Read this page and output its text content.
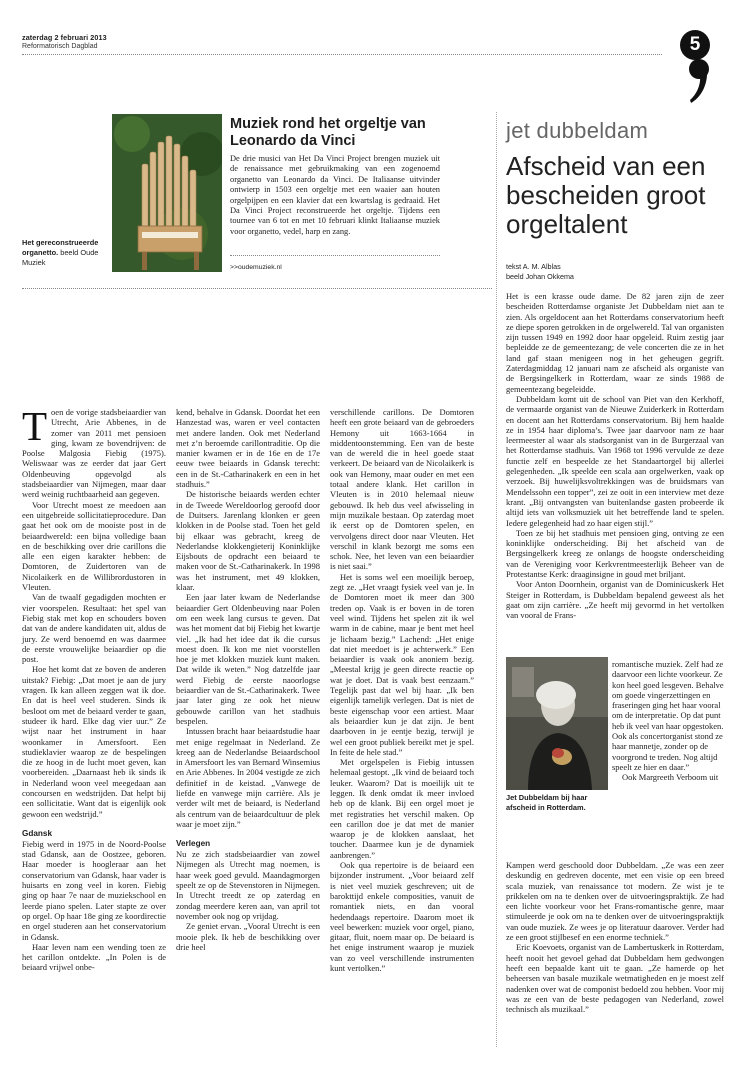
zaterdag 2 februari 2013
Reformatorisch Dagblad	5
Het gereconstrueerde organetto. beeld Oude Muziek
Muziek rond het orgeltje van Leonardo da Vinci
De drie musici van Het Da Vinci Project brengen muziek uit de renaissance met gebruikmaking van een zogenoemd organetto van Leonardo da Vinci. De Italiaanse uitvinder ontwierp in 1503 een orgeltje met een waaier aan houten orgelpijpen en een klavier dat een kwartslag is gedraaid. Het Da Vinci Project reconstrueerde het orgeltje. Tijdens een tournee van 6 tot en met 10 februari klinkt Italiaanse muziek voor organetto, vedel, harp en zang.
>>oudemuziek.nl
jet dubbeldam
Afscheid van een bescheiden groot orgeltalent
tekst A. M. Alblas
beeld Johan Okkema

Het is een krasse oude dame. De 82 jaren zijn de zeer bescheiden Rotterdamse organiste Jet Dubbeldam niet aan te zien. Als orgeldocent aan het Rotterdams conservatorium heeft ze diepe sporen getrokken in de orgelwereld. Tal van organisten zijn tussen 1949 en 1992 door haar opgeleid. Ruim zestig jaar bepleidde ze de gemeentezang; de vele concerten die ze in het land gaf staan menigeen nog in het geheugen gegrift. Zaterdagmiddag 12 januari nam ze afscheid als organiste van de Bergsingelkerk in Rotterdam, waar ze sinds 1988 de gemeentezang begeleidde.

Dubbeldam komt uit de school van Piet van den Kerkhoff, de vermaarde organist van de Nieuwe Zuiderkerk in Rotterdam en docent aan het Rotterdams conservatorium. Bij hem haalde ze in 1954 haar diploma’s. Twee jaar daarvoor nam ze haar leermeester al waar als stadsorganist van in de Burgerzaal van het Rotterdamse stadhuis. Van 1968 tot 1996 vervulde ze deze functie zelf en bespeelde ze het Standaartorgel bij allerlei gelegenheden. „Ik speelde een scala aan orgelwerken, vaak op verzoek. Bij huwelijksvoltrekkingen was de bruidsmars van Mendelssohn een topper”, zei ze ooit in een interview met deze krant. „Bij ontvangsten van buitenlandse gasten probeerde ik altijd iets van volksmuziek uit het betreffende land te spelen. Iedere gelegenheid had zo haar eigen stijl.”

Toen ze bij het stadhuis met pensioen ging, ontving ze een koninklijke onderscheiding. Bij het afscheid van de Bergsingelkerk kreeg ze onlangs de hoogste onderscheiding van de Vereniging voor Kerkvrentmeesterlijk Beheer van de Protestantse Kerk: draaginsigne in goud met briljant.

Voor Anton Doornhein, organist van de Dominicuskerk Het Steiger in Rotterdam, is Dubbeldam bepalend geweest als het gaat om zijn carrière. „Ze heeft mij gevormd in het vertolken van vooral de Frans-

Jet Dubbeldam bij haar afscheid in Rotterdam.
romantische muziek. Zelf had ze daarvoor een lichte voorkeur. Ze kon heel goed lesgeven. Behalve om goede vingerzettingen en fraseringen ging het haar vooral om de interpretatie. Op dat punt heb ik veel van haar opgestoken. Ook als concertorganist stond ze haar mannetje, zonder op de voorgrond te treden. Nog altijd speelt ze hier en daar.”
Ook Margreeth Verboom uit

Kampen werd geschoold door Dubbeldam. „Ze was een zeer deskundig en gedreven docente, met een visie op een breed scala muziek, van renaissance tot modern. Ze wist je te prikkelen om na te denken over de uitvoeringspraktijk. Ze had een lichte voorkeur voor het Frans-romantische genre, maar stimuleerde je ook om na te denken over de uitvoeringspraktijk van oude muziek. Ze wees je op literatuur daarover. Verder had ze een groot stijlbesef en een enorme techniek.”

Eric Koevoets, organist van de Lambertuskerk in Rotterdam, heeft nooit het gevoel gehad dat Dubbeldam hem gedwongen heeft een bepaalde kant uit te gaan. „Ze hamerde op het beheersen van basale muzikale wetmatigheden en je moest zelf nadenken over wat de componist bedoeld zou hebben. Voor mij was ze een van de beste pedagogen van Nederland, zowel technisch als muzikaal.”

T oen de vorige stadsbeiaardier van Utrecht, Arie Abbenes, in de zomer van 2011 met pensioen ging, kwam ze bovendrijven: de Poolse Malgosia Fiebig (1975). Weliswaar was ze eerder dat jaar Gert Oldenbeuving opgevolgd als stadsbeiaardier van Nijmegen, maar daar werd weinig ruchtbaarheid aan gegeven.

Voor Utrecht moest ze meedoen aan een uitgebreide sollicitatieprocedure. Dan gaat het ook om de mooiste post in de beiaardwereld: een bijna volledige baan en de beschikking over drie carillons die alle een eigen karakter hebben: de Domtoren, de Zuidertoren van de Nicolaikerk en de Willibrordustoren in Vleuten.

Van de twaalf gegadigden mochten er vier voorspelen. Resultaat: het spel van Fiebig stak met kop en schouders boven dat van de andere kandidaten uit, aldus de jury. Ze werd benoemd en was daarmee de eerste vrouwelijke beiaardier op die post.

Hoe het komt dat ze boven de anderen uitstak? Fiebig: „Dat moet je aan de jury vragen. Ik kan alleen zeggen wat ik doe. En dat is heel veel studeren. Sinds ik besloot om met de beiaard verder te gaan, studeer ik hard. Elke dag vier uur.” Ze wijst naar het instrument in haar woonkamer in Amersfoort. Een studieklavier waarop ze de bespelingen die ze hoog in de lucht moet geven, kan voorbereiden. „Daarnaast heb ik sinds ik in Nederland woon veel meegedaan aan concoursen en wedstrijden. Dat helpt bij een sollicitatie. Want dat is eigenlijk ook gewoon een wedstrijd.”

Gdansk

Fiebig werd in 1975 in de Noord-Poolse stad Gdansk, aan de Oostzee, geboren. Haar moeder is hoogleraar aan het conservatorium van Gdansk, haar vader is huisarts en zong veel in koren. Fiebig ging op haar 7e naar de muziekschool en leerde piano spelen. Later stapte ze over op orgel. Op haar 18e ging ze koordirectie en orgel studeren aan het conservatorium in Gdansk.

Haar leven nam een wending toen ze het carillon ontdekte. „In Polen is de beiaard vrijwel onbe-

kend, behalve in Gdansk. Doordat het een Hanzestad was, waren er veel contacten met andere landen. Ook met Nederland met z’n beroemde carillontraditie. Op die manier kwamen er in de 16e en de 17e eeuw twee beiaards in Gdansk terecht: een in de St.-Catharinakerk en een in het stadhuis.”

De historische beiaards werden echter in de Tweede Wereldoorlog geroofd door de Duitsers. Jarenlang klonken er geen klokken in de Poolse stad. Toen het geld bij elkaar was gebracht, kreeg de Nederlandse klokkengieterij Koninklijke Eijsbouts de opdracht een beiaard te maken voor de St.-Catharinakerk. In 1998 was het instrument, met 49 klokken, klaar.

Een jaar later kwam de Nederlandse beiaardier Gert Oldenbeuving naar Polen om een week lang cursus te geven. Dat was het moment dat bij Fiebig het kwartje viel. „Ik had het idee dat ik die cursus moest doen. Ik kon me niet voorstellen hoe je met klokken muziek kunt maken. Dat wilde ik weten.” Nog datzelfde jaar werd Fiebig de eerste naoorlogse beiaardier van de St.-Catharinakerk. Twee jaar later ging ze ook het nieuw gebouwde carillon van het stadhuis bespelen.

Intussen bracht haar beiaardstudie haar met enige regelmaat in Nederland. Ze kreeg aan de Nederlandse Beiaardschool in Amersfoort les van Bernard Winsemius en Arie Abbenes. In 2004 vestigde ze zich definitief in de keistad. „Vanwege de liefde en vanwege mijn carrière. Als je verder wilt met de beiaard, is Nederland als centrum van de beiaardcultuur de plek waar je moet zijn.”

Verlegen

Nu ze zich stadsbeiaardier van zowel Nijmegen als Utrecht mag noemen, is haar week goed gevuld. Maandagmorgen speelt ze op de Stevenstoren in Nijmegen. In Utrecht treedt ze op zaterdag en zondag meerdere keren aan, van april tot november ook nog op vrijdag.

Ze geniet ervan. „Vooral Utrecht is een mooie plek. Ik heb de beschikking over drie heel

verschillende carillons. De Domtoren heeft een grote beiaard van de gebroeders Hemony uit 1663-1664 in middentoonstemming. Een van de beste van de wereld die in heel goede staat verkeert. De beiaard van de Nicolaikerk is ook van Hemony, maar ouder en met een totaal andere klank. Het carillon in Vleuten is in 2010 helemaal nieuw gebouwd. Ik heb dus veel afwisseling in mijn muzikale bestaan. Op zaterdag moet ik eerst op de Domtoren spelen, en vervolgens direct door naar Vleuten. Het verschil in klank bezorgt me soms een schok. Nee, het leven van een beiaardier is niet saai.”

Het is soms wel een moeilijk beroep, zegt ze. „Het vraagt fysiek veel van je. In de Domtoren moet ik meer dan 300 treden op. Vaak is er boven in de toren veel wind. Tijdens het spelen zit ik wel warm in de cabine, maar je bent met heel je lichaam bezig.” Lachend: „Het enige dat niet meedoet is je achterwerk.” Een beiaardier is vaak ook anoniem bezig. „Meestal krijg je geen directe reactie op wat je doet. Dat is vaak best eenzaam.” Tegelijk past dat wel bij haar. „Ik ben eigenlijk tamelijk verlegen. Dat is niet de beste eigenschap voor een artiest. Maar als beiaardier kun je dat zijn. Je bent daarboven in je eentje bezig, terwijl je wel een groot publiek bereikt met je spel. In feite de hele stad.”

Met orgelspelen is Fiebig intussen helemaal gestopt. „Ik vind de beiaard toch leuker. Waarom? Dat is moeilijk uit te leggen. Ik denk omdat ik meer invloed heb op de klank. Bij een orgel moet je met registraties het verschil maken. Op een carillon doe je dat met de manier waarop je de klokken aanslaat, het toucher. Daarmee kun je de dynamiek aanbrengen.”

Ook qua repertoire is de beiaard een bijzonder instrument. „Voor beiaard zelf is niet veel muziek geschreven; uit de barokttijd enkele composities, vanuit de romantiek niets, en dan vooral hedendaags repertoire. Daarom moet ik veel bewerken: muziek voor orgel, piano, gitaar, fluit, noem maar op. De beiaard is het enige instrument waarop je muziek van zo veel verschillende instrumenten kunt vertolken.”
